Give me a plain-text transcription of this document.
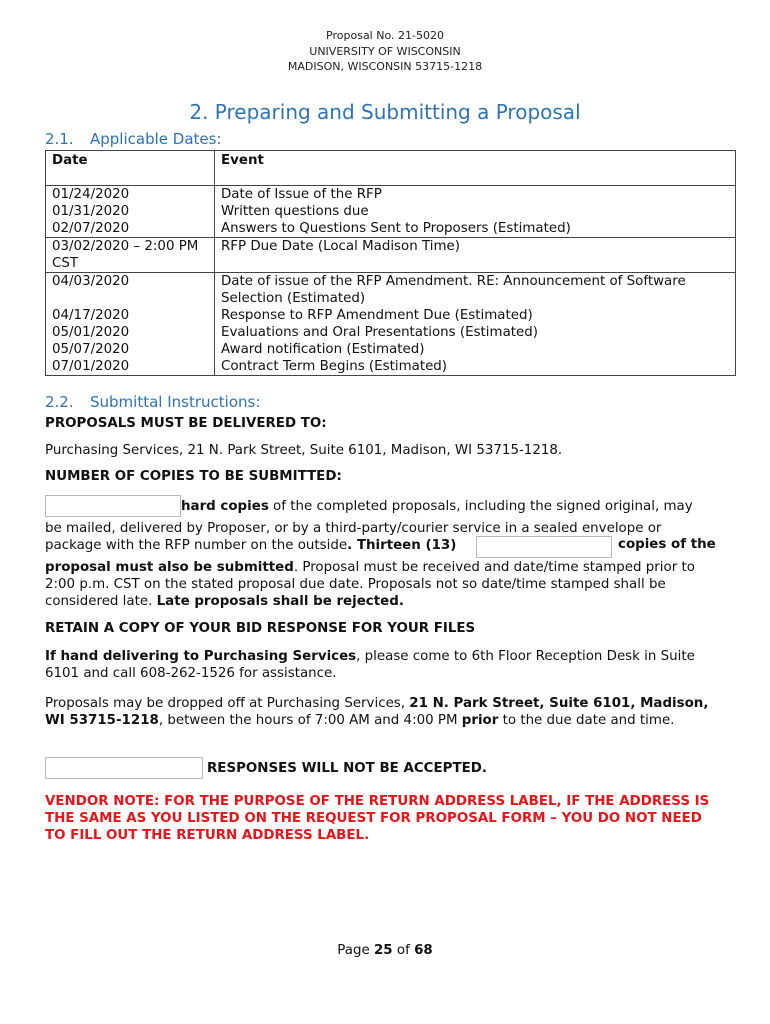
Proposal No. 21-5020
UNIVERSITY OF WISCONSIN
MADISON, WISCONSIN 53715-1218
2. Preparing and Submitting a Proposal
2.1. Applicable Dates:
Date	Event
01/24/2020	Date of Issue of the RFP
01/31/2020	Written questions due
02/07/2020	Answers to Questions Sent to Proposers (Estimated)
03/02/2020 – 2:00 PM CST	RFP Due Date (Local Madison Time)
04/03/2020	Date of issue of the RFP Amendment. RE: Announcement of Software Selection (Estimated)
04/17/2020	Response to RFP Amendment Due (Estimated)
05/01/2020	Evaluations and Oral Presentations (Estimated)
05/07/2020	Award notification (Estimated)
07/01/2020	Contract Term Begins (Estimated)
2.2. Submittal Instructions:
PROPOSALS MUST BE DELIVERED TO:
Purchasing Services, 21 N. Park Street, Suite 6101, Madison, WI 53715-1218.
NUMBER OF COPIES TO BE SUBMITTED:
hard copies of the completed proposals, including the signed original, may
be mailed, delivered by Proposer, or by a third-party/courier service in a sealed envelope or package with the RFP number on the outside. Thirteen (13)	copies of the
proposal must also be submitted. Proposal must be received and date/time stamped prior to 2:00 p.m. CST on the stated proposal due date. Proposals not so date/time stamped shall be considered late. Late proposals shall be rejected.
RETAIN A COPY OF YOUR BID RESPONSE FOR YOUR FILES
If hand delivering to Purchasing Services, please come to 6th Floor Reception Desk in Suite 6101 and call 608-262-1526 for assistance.
Proposals may be dropped off at Purchasing Services, 21 N. Park Street, Suite 6101, Madison, WI 53715-1218, between the hours of 7:00 AM and 4:00 PM prior to the due date and time.
RESPONSES WILL NOT BE ACCEPTED.
VENDOR NOTE: FOR THE PURPOSE OF THE RETURN ADDRESS LABEL, IF THE ADDRESS IS THE SAME AS YOU LISTED ON THE REQUEST FOR PROPOSAL FORM – YOU DO NOT NEED TO FILL OUT THE RETURN ADDRESS LABEL.
Page 25 of 68
